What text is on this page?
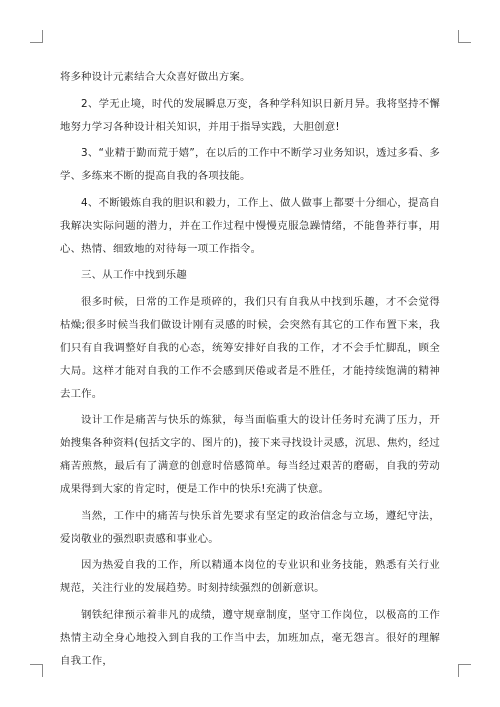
将多种设计元素结合大众喜好做出方案。

2、学无止境，时代的发展瞬息万变，各种学科知识日新月异。我将坚持不懈地努力学习各种设计相关知识，并用于指导实践，大胆创意!

3、“业精于勤而荒于嬉”，在以后的工作中不断学习业务知识，透过多看、多学、多练来不断的提高自我的各项技能。

4、不断锻炼自我的胆识和毅力，工作上、做人做事上都要十分细心，提高自我解决实际问题的潜力，并在工作过程中慢慢克服急躁情绪，不能鲁莽行事，用心、热情、细致地的对待每一项工作指令。

三、从工作中找到乐趣

很多时候，日常的工作是琐碎的，我们只有自我从中找到乐趣，才不会觉得枯燥;很多时候当我们做设计刚有灵感的时候，会突然有其它的工作布置下来，我们只有自我调整好自我的心态，统筹安排好自我的工作，才不会手忙脚乱，顾全大局。这样才能对自我的工作不会感到厌倦或者是不胜任，才能持续饱满的精神去工作。

设计工作是痛苦与快乐的炼狱，每当面临重大的设计任务时充满了压力，开始搜集各种资料(包括文字的、图片的)，接下来寻找设计灵感，沉思、焦灼，经过痛苦煎熬，最后有了满意的创意时倍感简单。每当经过艰苦的磨砺，自我的劳动成果得到大家的肯定时，便是工作中的快乐!充满了快意。

当然，工作中的痛苦与快乐首先要求有坚定的政治信念与立场，遵纪守法，爱岗敬业的强烈职责感和事业心。

因为热爱自我的工作，所以精通本岗位的专业识和业务技能，熟悉有关行业规范，关注行业的发展趋势。时刻持续强烈的创新意识。

钢铁纪律预示着非凡的成绩，遵守规章制度，坚守工作岗位，以极高的工作热情主动全身心地投入到自我的工作当中去，加班加点，毫无怨言。很好的理解自我工作，
